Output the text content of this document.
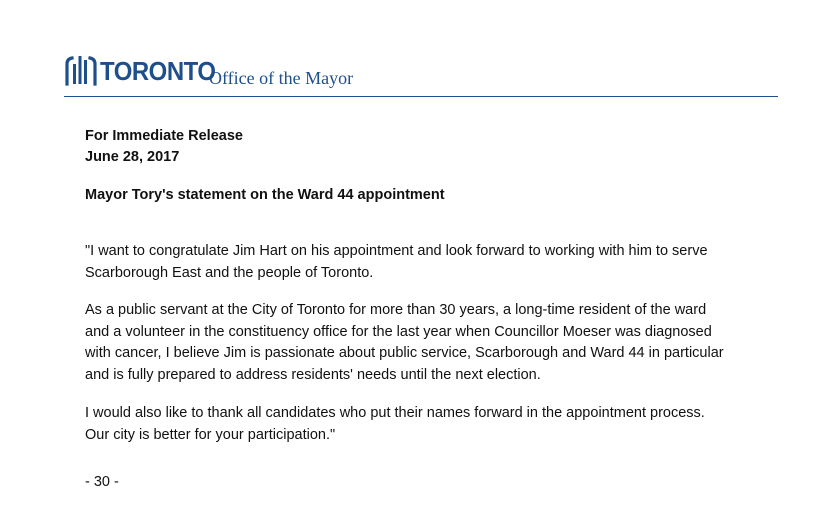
TORONTO
Office of the Mayor
For Immediate Release
June 28, 2017
Mayor Tory's statement on the Ward 44 appointment
"I want to congratulate Jim Hart on his appointment and look forward to working with him to serve
Scarborough East and the people of Toronto.
As a public servant at the City of Toronto for more than 30 years, a long-time resident of the ward
and a volunteer in the constituency office for the last year when Councillor Moeser was diagnosed
with cancer, I believe Jim is passionate about public service, Scarborough and Ward 44 in particular
and is fully prepared to address residents' needs until the next election.
I would also like to thank all candidates who put their names forward in the appointment process.
Our city is better for your participation."
- 30 -
